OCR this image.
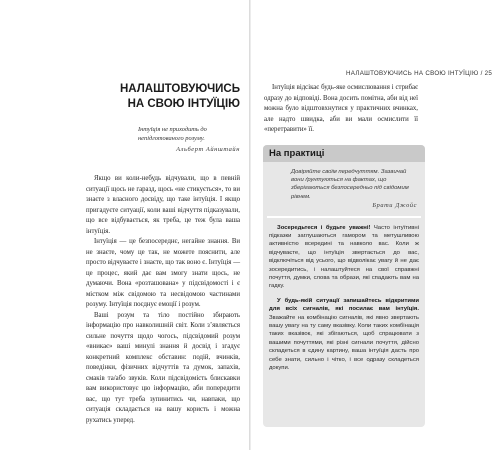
НАЛАШТОВУЮЧИСЬ НА СВОЮ ІНТУЇЦІЮ / 25
НАЛАШТОВУЮЧИСЬ
НА СВОЮ ІНТУЇЦІЮ
Інтуїція не приходить до непідготованого розуму.
Альберт Айнштайн

Якщо ви коли-небудь відчували, що в певній ситуації щось не гаразд, щось «не стикується», то ви знаєте з власного досвіду, що таке інтуїція. І якщо пригадуєте ситуації, коли ваші відчуття підказували, що все відбувається, як треба, це теж була ваша інтуїція.

Інтуїція — це безпосереднє, негайне знання. Ви не знаєте, чому це так, не можете пояснити, але просто відчуваєте і знаєте, що так воно є. Інтуїція — це процес, який дає вам змогу знати щось, не думаючи. Вона «розташована» у підсвідомості і є містком між свідомою та несвідомою частинами розуму. Інтуїція поєднує емоції і розум.

Ваші розум та тіло постійно збирають інформацію про навколишній світ. Коли з’являється сильне почуття щодо чогось, підсвідомий розум «вникає» ваші минулі знання й досвід і згадує конкретний комплекс обставин: подій, вчинків, поведінки, фізичних відчуттів та думок, запахів, смаків та/або звуків. Коли підсвідомість блискавки вам використовує цю інформацію, аби попередити вас, що тут треба зупинитись чи, навпаки, що ситуація складається на вашу користь і можна рухатись уперед.

Інтуїція відсікає будь-яке осмислювання і стрибає одразу до відповіді. Вона досить помітна, аби від неї можна було відштовхнутися у практичних вчинках, але надто швидка, аби ви мали осмислити її «перетравити» її.

На практиці
Довіряйте своїм передчуттям. Зазвичай вони ґрунтуються на фактах, що зберігаються безпосередньо під свідомим рівнем.
Брати Джойс

Зосередьтеся і будьте уважні! Часто інтуїтивні підказки заглушаються гамором та метушливою активністю всередині та навколо вас. Коли ж відчуваєте, що інтуїція звертається до вас, відключіться від усього, що відволікає увагу й не дає зосередитись, і налаштуйтеся на свої справжні почуття, думки, слова та образи, які спадають вам на гадку.

У будь-якій ситуації запишайтесь відкритими для всіх сигналів, які посилає вам інтуїція. Зважайте на комбінацію сигналів, які явно звертають вашу увагу на ту саму вказівку. Коли таких комбінація таких вказівок, які збігаються, щоб спрацювати з вашими почуттями, які різні сигнали почуття, дійсно складеться в єдину картину, ваша інтуїція дасть про себе знати, сильно і чітко, і все одразу складеться докупи.
